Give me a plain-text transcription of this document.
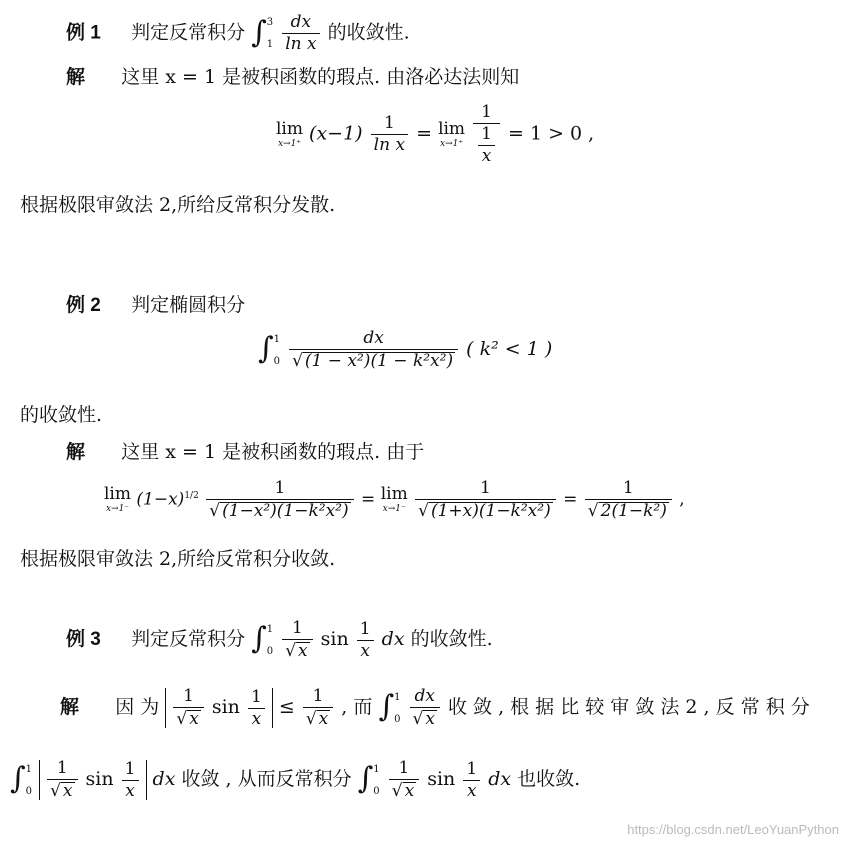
例 1 判定反常积分 ∫3

$1 \frac{dx}{\text{ln x}}$ 的收敛性.
解 这里 x = 1 是被积函数的瑕点. 由洛必达法则知
lim
x→1⁺ $(x-1) \frac{1}{\text{ln x}} = \lim$
x→1⁺
$\frac{1}{\frac{1}{x}} = 1 > 0$ ,
根据极限审敛法 2,所给反常积分发散.
例 2 判定椭圆积分
∫1

$0 \frac{dx}{\text{√ (1 − x²)(1 − k²x²)}}$ ( k² < 1 )
的收敛性.
解 这里 x = 1 是被积函数的瑕点. 由于
lim
x→1⁻ $(1-x)^{1/2} \frac{1}{\text{√ (1−x²)(1−k²x²)}} = \lim$
x→1⁻
$\frac{1}{\text{√ (1+x)(1−k²x²)}} = \frac{1}{\text{√ 2(1−k²)}}$ ,
根据极限审敛法 2,所给反常积分收敛.
例 3 判定反常积分 ∫1

$0 \frac{1}{√ x}$ $\sin \frac{1}{x}$ dx 的收敛性.
解 因 为 $\frac{1}{√ x}$ $\sin \frac{1}{x} \le \frac{1}{√ x}$ , 而 ∫1

$0 \frac{dx}{√ x}$ 收 敛 , 根 据 比 较 审 敛 法 2 , 反 常 积 分
∫1

$0 \frac{1}{√ x}$ $\sin \frac{1}{x}$ dx 收敛 , 从而反常积分 ∫1

$0 \frac{1}{√ x}$ $\sin \frac{1}{x}$ dx 也收敛.
https://blog.csdn.net/LeoYuanPython
